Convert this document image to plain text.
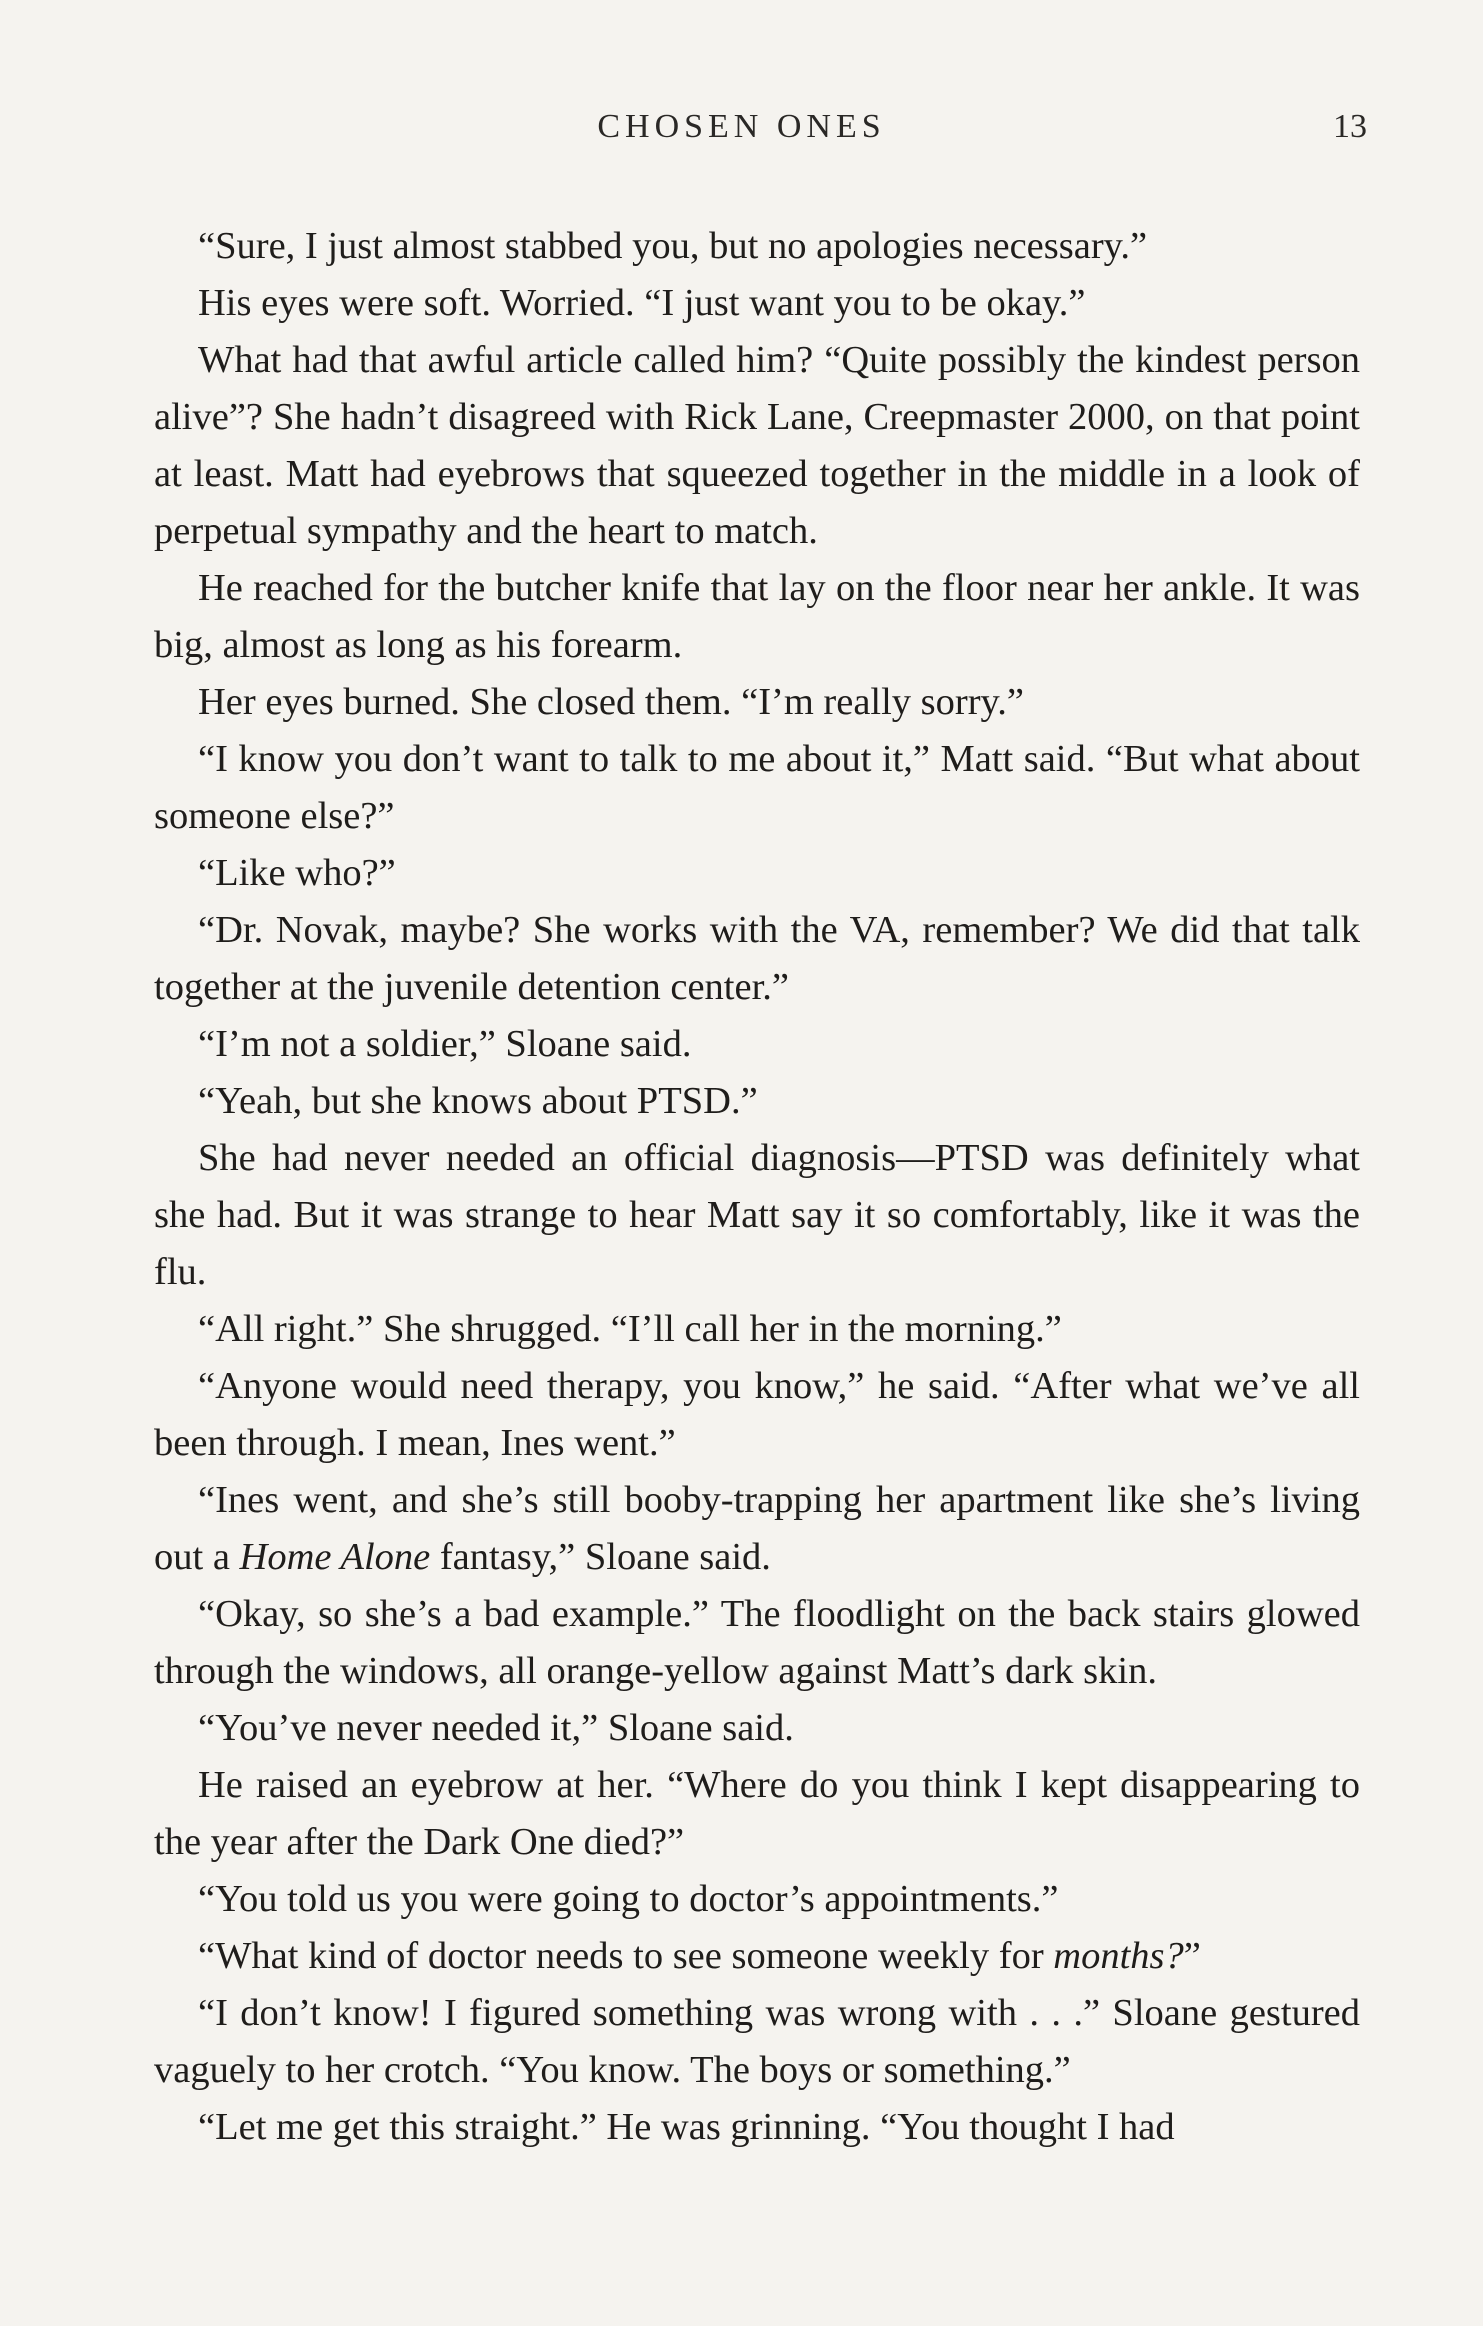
CHOSEN ONES	13

“Sure, I just almost stabbed you, but no apologies necessary.”

His eyes were soft. Worried. “I just want you to be okay.”

What had that awful article called him? “Quite possibly the kindest person alive”? She hadn’t disagreed with Rick Lane, Creepmaster 2000, on that point at least. Matt had eyebrows that squeezed together in the middle in a look of perpetual sympathy and the heart to match.

He reached for the butcher knife that lay on the floor near her ankle. It was big, almost as long as his forearm.

Her eyes burned. She closed them. “I’m really sorry.”

“I know you don’t want to talk to me about it,” Matt said. “But what about someone else?”

“Like who?”

“Dr. Novak, maybe? She works with the VA, remember? We did that talk together at the juvenile detention center.”

“I’m not a soldier,” Sloane said.

“Yeah, but she knows about PTSD.”

She had never needed an official diagnosis—PTSD was definitely what she had. But it was strange to hear Matt say it so comfortably, like it was the flu.

“All right.” She shrugged. “I’ll call her in the morning.”

“Anyone would need therapy, you know,” he said. “After what we’ve all been through. I mean, Ines went.”

“Ines went, and she’s still booby-trapping her apartment like she’s living out a Home Alone fantasy,” Sloane said.

“Okay, so she’s a bad example.” The floodlight on the back stairs glowed through the windows, all orange-yellow against Matt’s dark skin.

“You’ve never needed it,” Sloane said.

He raised an eyebrow at her. “Where do you think I kept disappearing to the year after the Dark One died?”

“You told us you were going to doctor’s appointments.”

“What kind of doctor needs to see someone weekly for months?”

“I don’t know! I figured something was wrong with . . .” Sloane gestured vaguely to her crotch. “You know. The boys or something.”

“Let me get this straight.” He was grinning. “You thought I had
